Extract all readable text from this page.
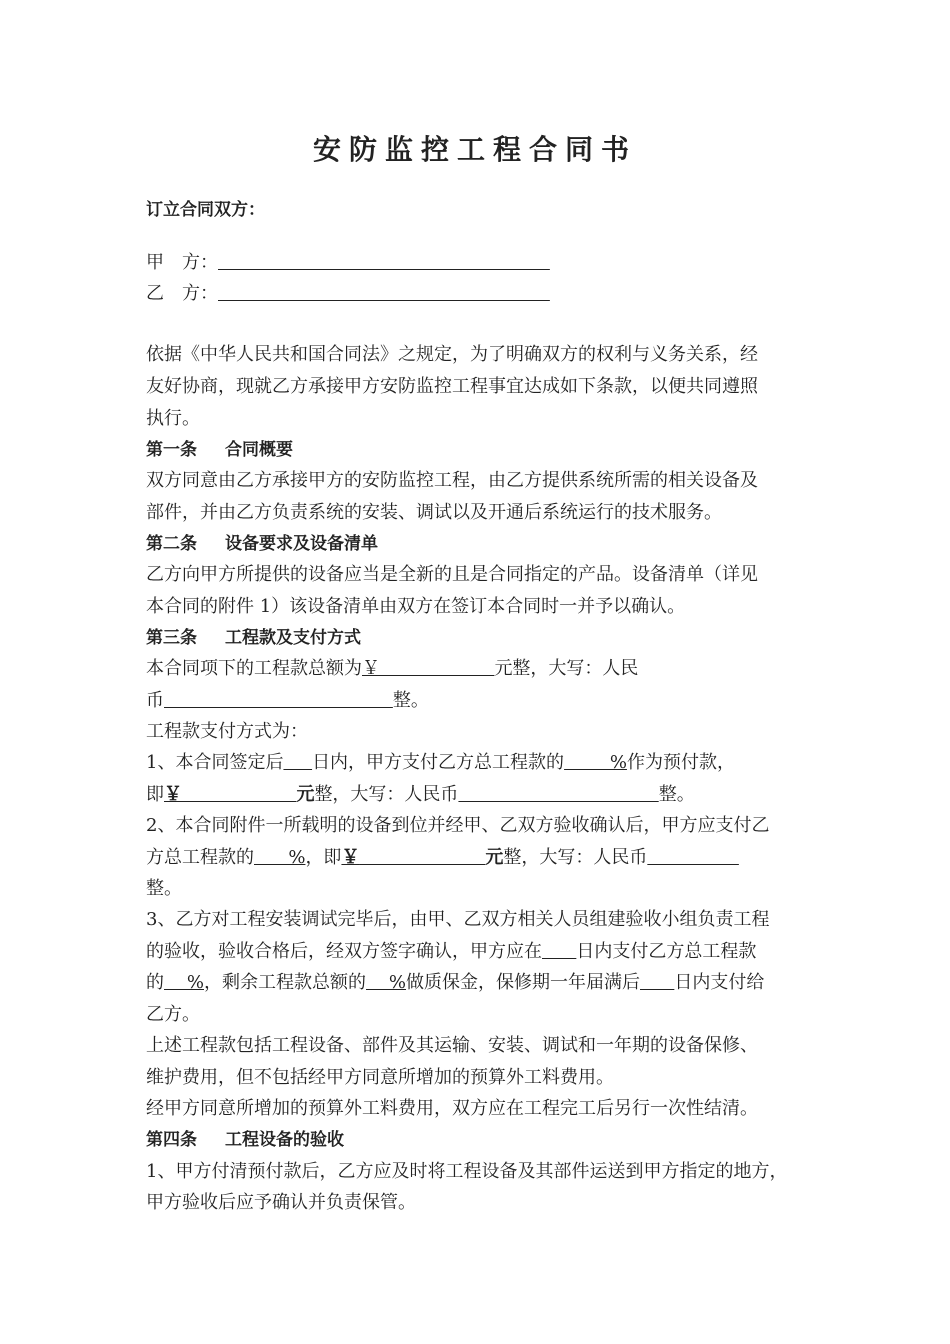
安防监控工程合同书
订立合同双方：
甲　方：
乙　方：
依据《中华人民共和国合同法》之规定，为了明确双方的权利与义务关系，经
友好协商，现就乙方承接甲方安防监控工程事宜达成如下条款，以便共同遵照
执行。
第一条 合同概要
双方同意由乙方承接甲方的安防监控工程，由乙方提供系统所需的相关设备及
部件，并由乙方负责系统的安装、调试以及开通后系统运行的技术服务。
第二条 设备要求及设备清单
乙方向甲方所提供的设备应当是全新的且是合同指定的产品。设备清单（详见
本合同的附件 1）该设备清单由双方在签订本合同时一并予以确认。
第三条 工程款及支付方式
本合同项下的工程款总额为￥	元整，大写：人民
币	整。
工程款支付方式为：
1、本合同签定后 日内，甲方支付乙方总工程款的        %作为预付款，
即￥	元整，大写：人民币	整。
2、本合同附件一所载明的设备到位并经甲、乙双方验收确认后，甲方应支付乙
方总工程款的      %，即￥	元整，大写：人民币
整。
3、乙方对工程安装调试完毕后，由甲、乙双方相关人员组建验收小组负责工程
的验收，验收合格后，经双方签字确认，甲方应在 日内支付乙方总工程款
的    %，剩余工程款总额的    %做质保金，保修期一年届满后 日内支付给
乙方。
上述工程款包括工程设备、部件及其运输、安装、调试和一年期的设备保修、
维护费用，但不包括经甲方同意所增加的预算外工料费用。
经甲方同意所增加的预算外工料费用，双方应在工程完工后另行一次性结清。
第四条 工程设备的验收
1、甲方付清预付款后，乙方应及时将工程设备及其部件运送到甲方指定的地方，
甲方验收后应予确认并负责保管。
